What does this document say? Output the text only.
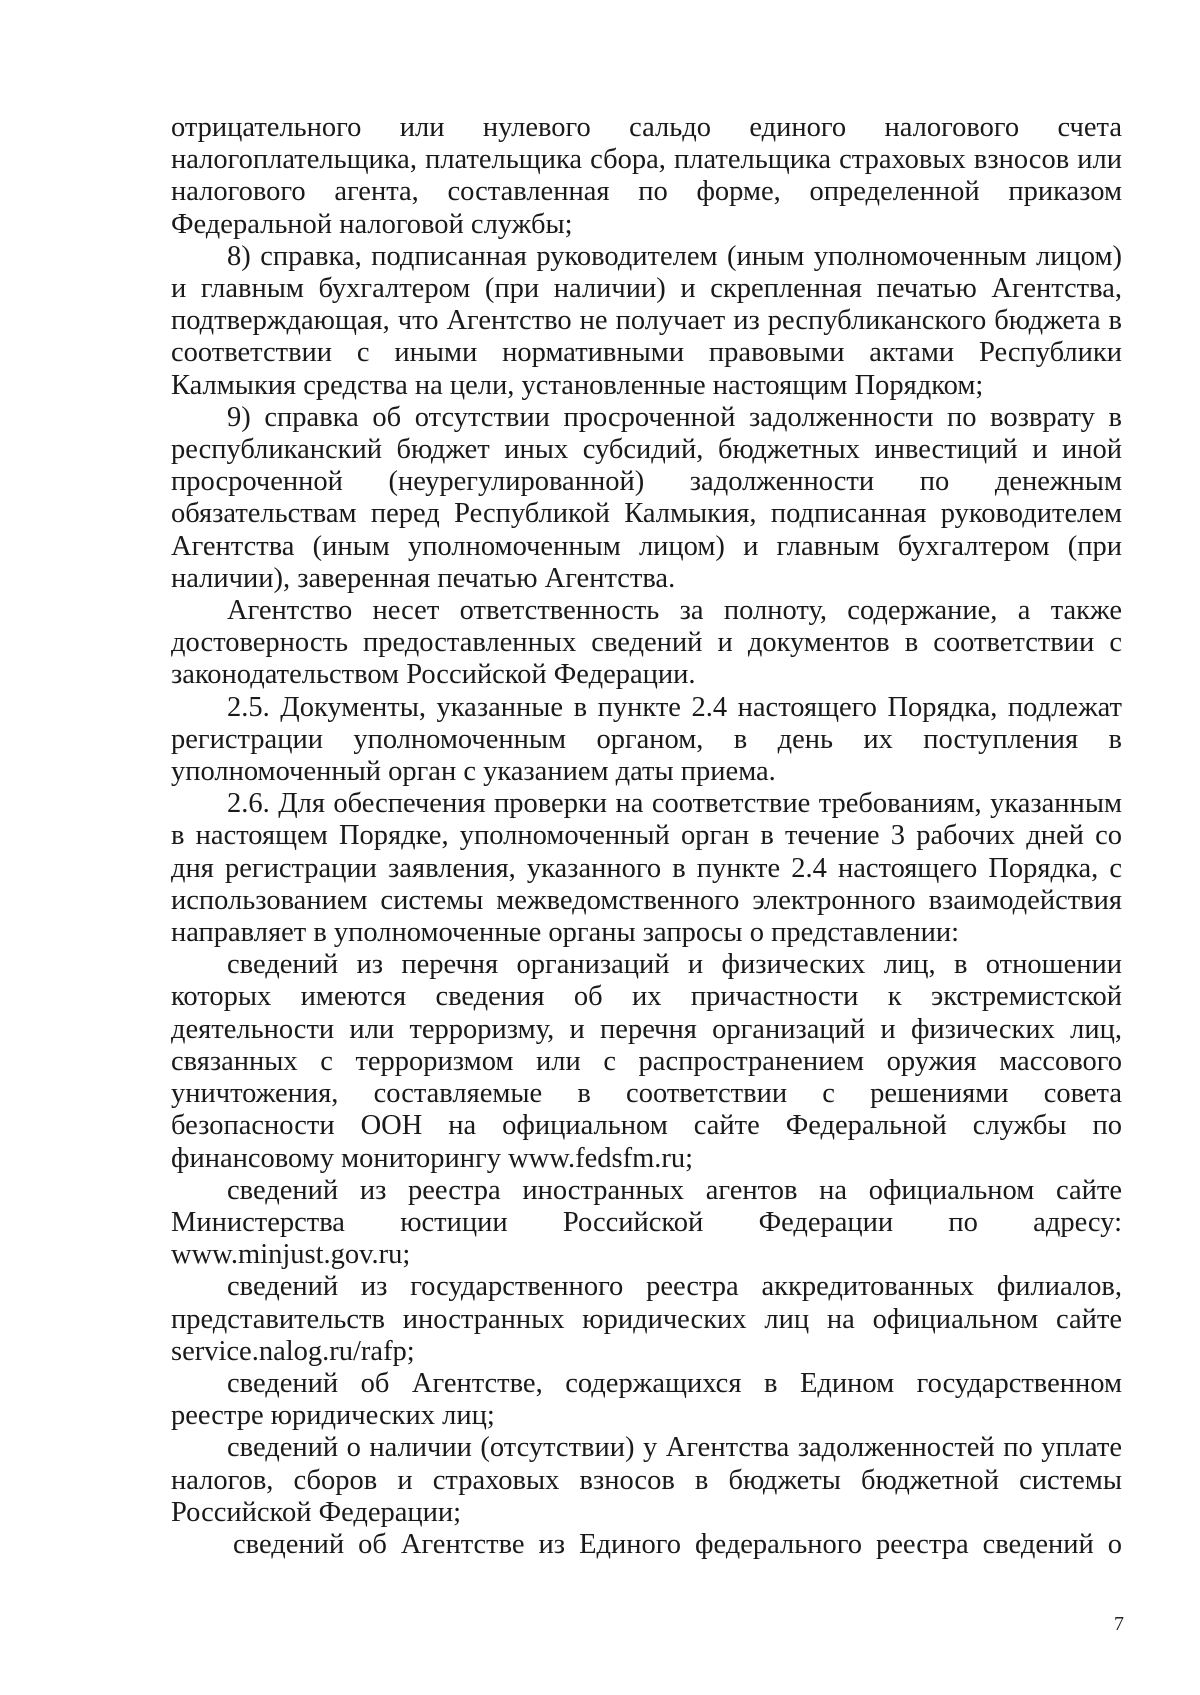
отрицательного или нулевого сальдо единого налогового счета
налогоплательщика, плательщика сбора, плательщика страховых взносов или
налогового агента, составленная по форме, определенной приказом
Федеральной налоговой службы;

8) справка, подписанная руководителем (иным уполномоченным лицом)
и главным бухгалтером (при наличии) и скрепленная печатью Агентства,
подтверждающая, что Агентство не получает из республиканского бюджета в
соответствии с иными нормативными правовыми актами Республики
Калмыкия средства на цели, установленные настоящим Порядком;

9) справка об отсутствии просроченной задолженности по возврату в
республиканский бюджет иных субсидий, бюджетных инвестиций и иной
просроченной (неурегулированной) задолженности по денежным
обязательствам перед Республикой Калмыкия, подписанная руководителем
Агентства (иным уполномоченным лицом) и главным бухгалтером (при
наличии), заверенная печатью Агентства.

Агентство несет ответственность за полноту, содержание, а также
достоверность предоставленных сведений и документов в соответствии с
законодательством Российской Федерации.

2.5. Документы, указанные в пункте 2.4 настоящего Порядка, подлежат
регистрации уполномоченным органом, в день их поступления в
уполномоченный орган с указанием даты приема.

2.6. Для обеспечения проверки на соответствие требованиям, указанным
в настоящем Порядке, уполномоченный орган в течение 3 рабочих дней со
дня регистрации заявления, указанного в пункте 2.4 настоящего Порядка, с
использованием системы межведомственного электронного взаимодействия
направляет в уполномоченные органы запросы о представлении:

сведений из перечня организаций и физических лиц, в отношении
которых имеются сведения об их причастности к экстремистской
деятельности или терроризму, и перечня организаций и физических лиц,
связанных с терроризмом или с распространением оружия массового
уничтожения, составляемые в соответствии с решениями совета
безопасности ООН на официальном сайте Федеральной службы по
финансовому мониторингу www.fedsfm.ru;

сведений из реестра иностранных агентов на официальном сайте
Министерства юстиции Российской Федерации по адресу:
www.minjust.gov.ru;

сведений из государственного реестра аккредитованных филиалов,
представительств иностранных юридических лиц на официальном сайте
service.nalog.ru/rafp;

сведений об Агентстве, содержащихся в Едином государственном
реестре юридических лиц;

сведений о наличии (отсутствии) у Агентства задолженностей по уплате
налогов, сборов и страховых взносов в бюджеты бюджетной системы
Российской Федерации;

сведений об Агентстве из Единого федерального реестра сведений о

7
